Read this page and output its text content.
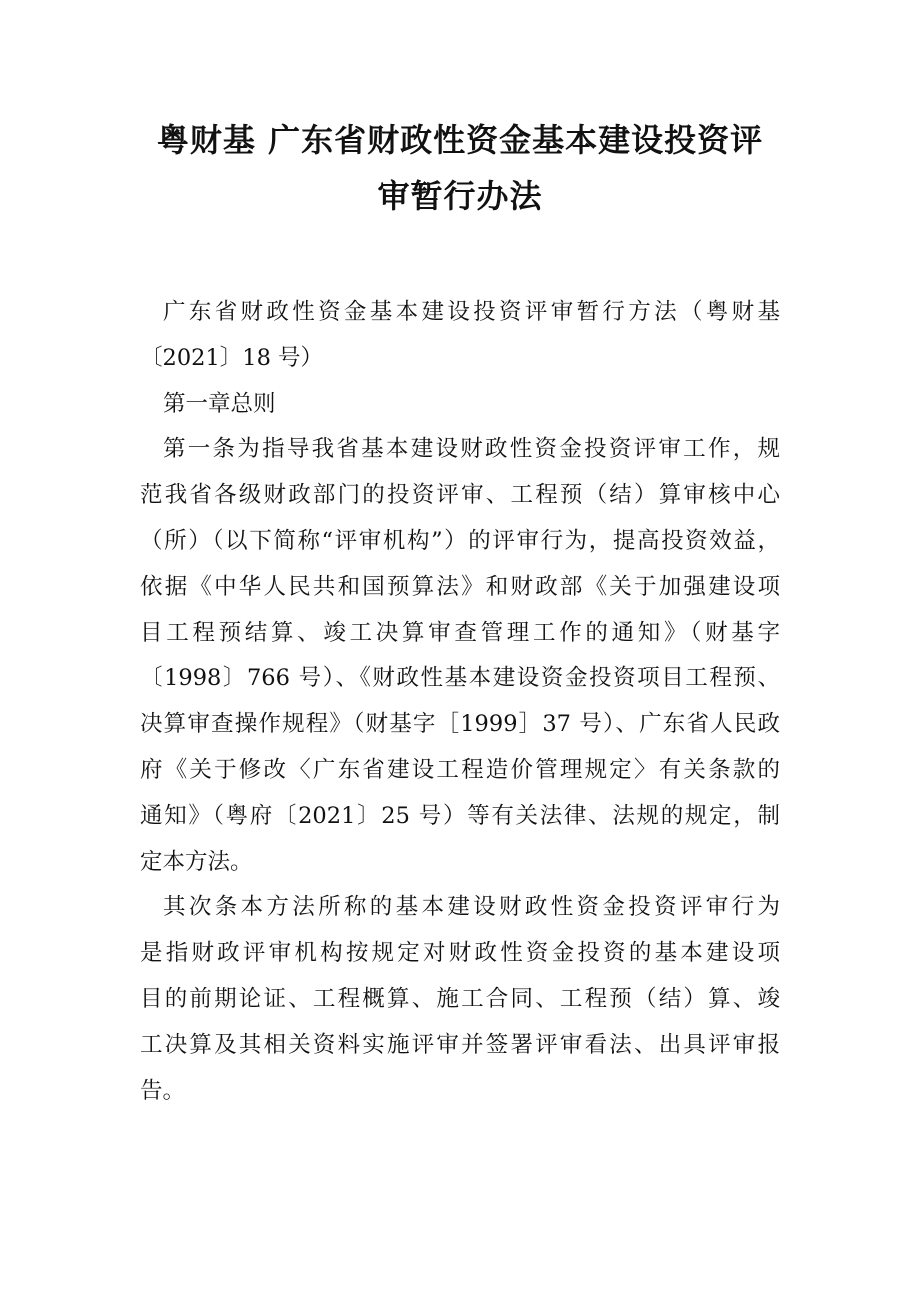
粤财基 广东省财政性资金基本建设投资评
审暂行办法
广东省财政性资金基本建设投资评审暂行方法（粤财基
〔2021〕18 号）
第一章总则
第一条为指导我省基本建设财政性资金投资评审工作，规
范我省各级财政部门的投资评审、工程预（结）算审核中心
（所）（以下简称“评审机构”）的评审行为，提高投资效益，
依据《中华人民共和国预算法》和财政部《关于加强建设项
目工程预结算、竣工决算审查管理工作的通知》（财基字
〔1998〕766 号）、《财政性基本建设资金投资项目工程预、
决算审查操作规程》（财基字［1999］37 号）、广东省人民政
府《关于修改〈广东省建设工程造价管理规定〉有关条款的
通知》（粤府〔2021〕25 号）等有关法律、法规的规定，制
定本方法。
其次条本方法所称的基本建设财政性资金投资评审行为
是指财政评审机构按规定对财政性资金投资的基本建设项
目的前期论证、工程概算、施工合同、工程预（结）算、竣
工决算及其相关资料实施评审并签署评审看法、出具评审报
告。
